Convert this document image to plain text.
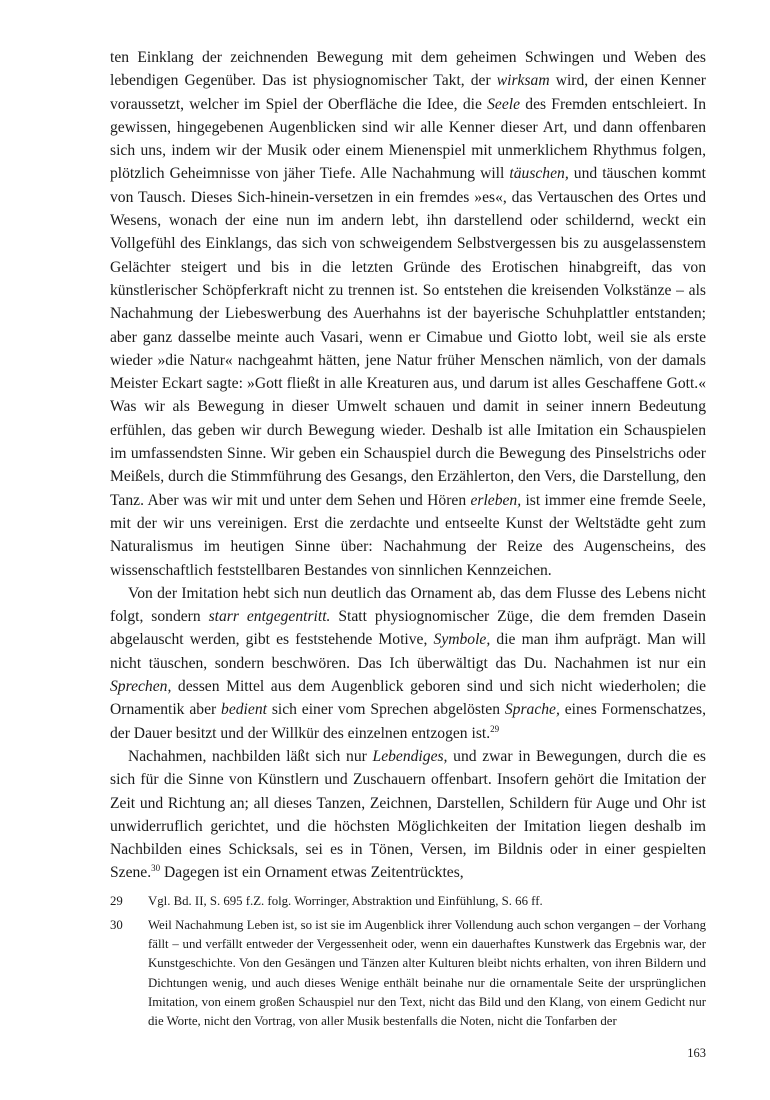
ten Einklang der zeichnenden Bewegung mit dem geheimen Schwingen und Weben des lebendigen Gegenüber. Das ist physiognomischer Takt, der wirksam wird, der einen Kenner voraussetzt, welcher im Spiel der Oberfläche die Idee, die Seele des Fremden entschleiert. In gewissen, hingegebenen Augenblicken sind wir alle Kenner dieser Art, und dann offenbaren sich uns, indem wir der Musik oder einem Mienenspiel mit unmerklichem Rhythmus folgen, plötzlich Geheimnisse von jäher Tiefe. Alle Nachahmung will täuschen, und täuschen kommt von Tausch. Dieses Sich-hinein-versetzen in ein fremdes »es«, das Vertauschen des Ortes und Wesens, wonach der eine nun im andern lebt, ihn darstellend oder schildernd, weckt ein Vollgefühl des Einklangs, das sich von schweigendem Selbstvergessen bis zu ausgelassenstem Gelächter steigert und bis in die letzten Gründe des Erotischen hinabgreift, das von künstlerischer Schöpferkraft nicht zu trennen ist. So entstehen die kreisenden Volkstänze – als Nachahmung der Liebeswerbung des Auerhahns ist der bayerische Schuhplattler entstanden; aber ganz dasselbe meinte auch Vasari, wenn er Cimabue und Giotto lobt, weil sie als erste wieder »die Natur« nachgeahmt hätten, jene Natur früher Menschen nämlich, von der damals Meister Eckart sagte: »Gott fließt in alle Kreaturen aus, und darum ist alles Geschaffene Gott.« Was wir als Bewegung in dieser Umwelt schauen und damit in seiner innern Bedeutung erfühlen, das geben wir durch Bewegung wieder. Deshalb ist alle Imitation ein Schauspielen im umfassendsten Sinne. Wir geben ein Schauspiel durch die Bewegung des Pinselstrichs oder Meißels, durch die Stimmführung des Gesangs, den Erzählerton, den Vers, die Darstellung, den Tanz. Aber was wir mit und unter dem Sehen und Hören erleben, ist immer eine fremde Seele, mit der wir uns vereinigen. Erst die zerdachte und entseelte Kunst der Weltstädte geht zum Naturalismus im heutigen Sinne über: Nachahmung der Reize des Augenscheins, des wissenschaftlich feststellbaren Bestandes von sinnlichen Kennzeichen.

Von der Imitation hebt sich nun deutlich das Ornament ab, das dem Flusse des Lebens nicht folgt, sondern starr entgegentritt. Statt physiognomischer Züge, die dem fremden Dasein abgelauscht werden, gibt es feststehende Motive, Symbole, die man ihm aufprägt. Man will nicht täuschen, sondern beschwören. Das Ich überwältigt das Du. Nachahmen ist nur ein Sprechen, dessen Mittel aus dem Augenblick geboren sind und sich nicht wiederholen; die Ornamentik aber bedient sich einer vom Sprechen abgelösten Sprache, eines Formenschatzes, der Dauer besitzt und der Willkür des einzelnen entzogen ist.$^{29}$

Nachahmen, nachbilden läßt sich nur Lebendiges, und zwar in Bewegungen, durch die es sich für die Sinne von Künstlern und Zuschauern offenbart. Insofern gehört die Imitation der Zeit und Richtung an; all dieses Tanzen, Zeichnen, Darstellen, Schildern für Auge und Ohr ist unwiderruflich gerichtet, und die höchsten Möglichkeiten der Imitation liegen deshalb im Nachbilden eines Schicksals, sei es in Tönen, Versen, im Bildnis oder in einer gespielten Szene.$^{30}$ Dagegen ist ein Ornament etwas Zeitentrücktes,

29	Vgl. Bd. II, S. 695 f.Z. folg. Worringer, Abstraktion und Einfühlung, S. 66 ff.
30	Weil Nachahmung Leben ist, so ist sie im Augenblick ihrer Vollendung auch schon vergangen – der Vorhang fällt – und verfällt entweder der Vergessenheit oder, wenn ein dauerhaftes Kunstwerk das Ergebnis war, der Kunstgeschichte. Von den Gesängen und Tänzen alter Kulturen bleibt nichts erhalten, von ihren Bildern und Dichtungen wenig, und auch dieses Wenige enthält beinahe nur die ornamentale Seite der ursprünglichen Imitation, von einem großen Schauspiel nur den Text, nicht das Bild und den Klang, von einem Gedicht nur die Worte, nicht den Vortrag, von aller Musik bestenfalls die Noten, nicht die Tonfarben der
163
